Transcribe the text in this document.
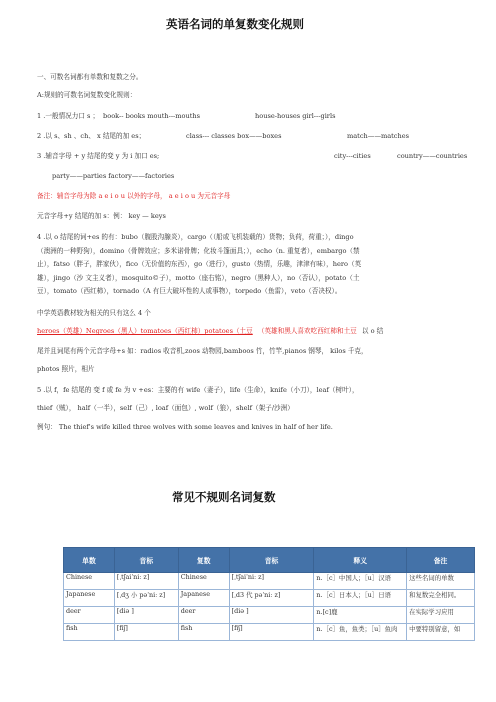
英语名词的单复数变化规则
一、可数名词都有单数和复数之分。
A:规则的可数名词复数变化规则：
1 .一般情况力口 s ； book-- books mouth---mouths	house-houses girl---girls
2 .以 s、sh 、ch、 x 结尾的加 es；	class--- classes box——boxes	match——matches
3 .辅音字母 + y 结尾的变 y 为 i 加口 es;	city---cities	country——countries
party——parties factory——factories
备注：辅音字母为除 a e i o u 以外的字母， a e i o u 为元音字母
元音字母+y 结尾的加 s：例： key — keys
4 .以 o 结尾的词+es 的有：bubo（腹股沟腺炎），cargo（（船或飞机装载的）货物；负荷，荷重；），dingo
（澳洲的一种野狗），domino（骨牌效应；多米诺骨牌；化妆斗篷面具；），echo（n. 重复者），embargo（禁
止），fatso（胖子，胖家伙），fico（无价值的东西），go（进行），gusto（热情，乐趣，津津有味），hero（英
雄），jingo（沙 文主义者），mosquito©子），motto（座右铭），negro（黑种人），no（否认），potato（土
豆），tomato（西红柿），tornado（A 有巨大破坏性的人或事物），torpedo（鱼雷），veto（否决权）。
中学英语教材较为相关的只有这么 4 个
heroes（英雄）Negroes（黑人）tomatoes（西红柿）potatoes（土豆 （英雄和黑人喜欢吃西红柿和土豆 以 o 结
尾并且词尾有两个元音字母+s 如：radios 收音机,zoos 动物园,bamboos 竹，竹竿,pianos 钢琴， kilos 千克，
photos 照片，相片
5 .以 f，fe 结尾的 变 f 或 fe 为 v +es：主要的有 wife（妻子），life（生命），knife（小刀），leaf（树叶），
thief（贼）， half（一半），self（己）, loaf（面包）, wolf（狼），shelf（架子/沙洲）
例句： The thief's wife killed three wolves with some leaves and knives in half of her life.
常见不规则名词复数
单数	音标	复数	音标	释义	备注
Chinese	[ˌtʃaiˈniː z]	Chinese	[ˌtʃaiˈniː z]	n.［c］中国人；［u］汉语	这些名词的单数
Japanese	[ˌdʒ 小 pəˈniː z]	Japanese	[ˌd3 代 pəˈniː z]	n.［c］日本人；［u］日语	和复数完全相同。
deer	[diə ]	deer	[diə ]	n.[c]鹿	在实际学习应用
fish	[fiʃ]	fish	[fiʃ]	n.［c］鱼，鱼类；［u］鱼肉	中要特别留意，如
